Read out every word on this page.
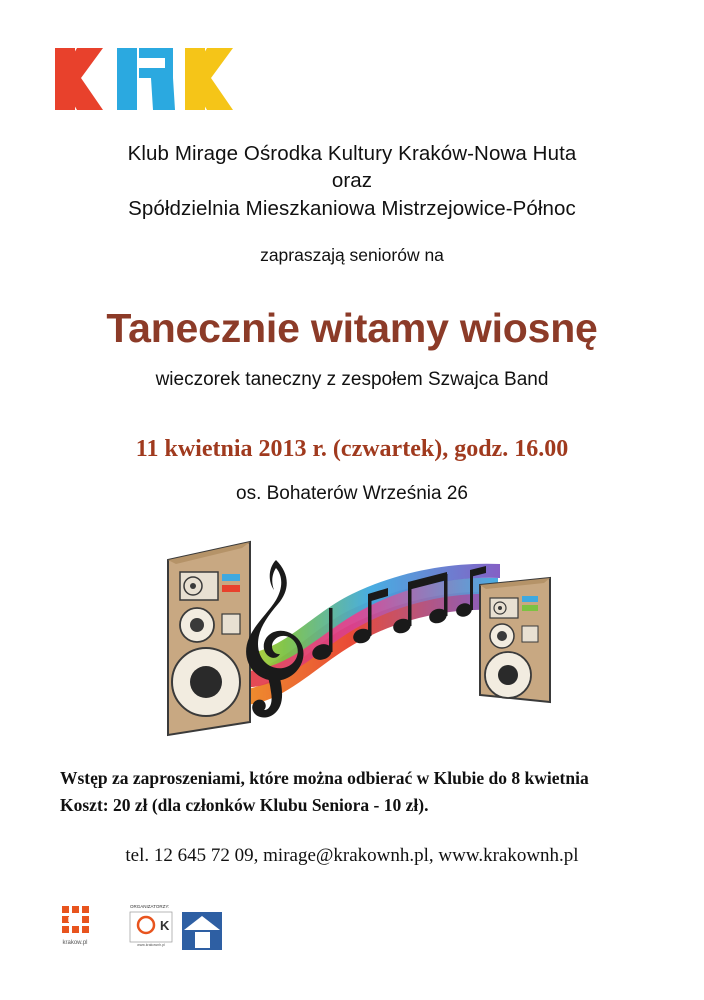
Klub Mirage Ośrodka Kultury Kraków-Nowa Huta
oraz
Spółdzielnia Mieszkaniowa Mistrzejowice-Północ
zapraszają seniorów na
Tanecznie witamy wiosnę
wieczorek taneczny z zespołem Szwajca Band
11 kwietnia 2013 r. (czwartek), godz. 16.00
os. Bohaterów Września 26
Wstęp za zaproszeniami, które można odbierać w Klubie do 8 kwietnia
Koszt: 20 zł (dla członków Klubu Seniora - 10 zł).
tel. 12 645 72 09, mirage@krakownh.pl, www.krakownh.pl
KRA
krakow.pl
ORGANIZATORZY:
K
www.krakownh.pl
